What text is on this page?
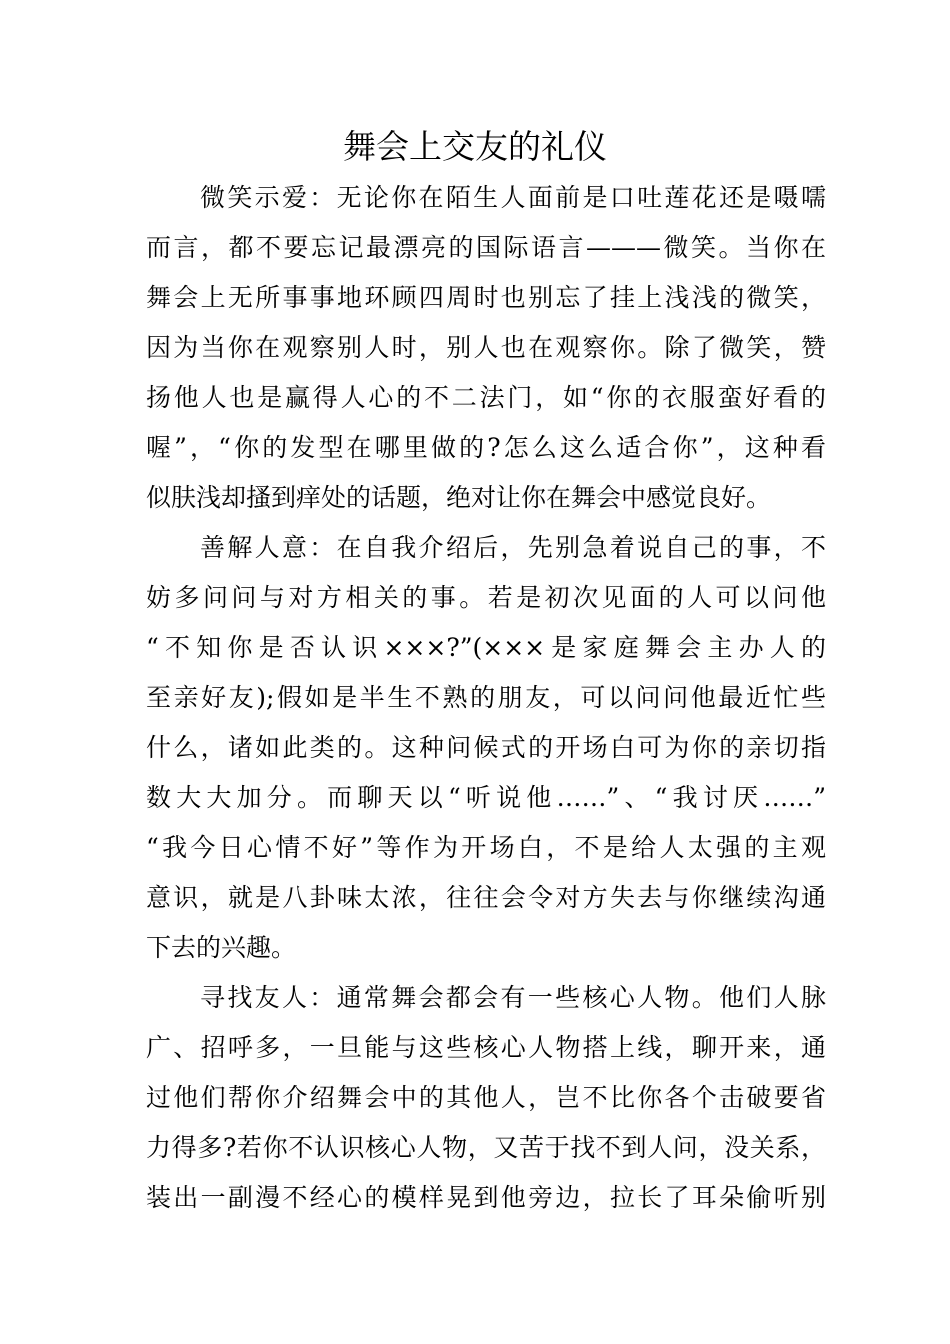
舞会上交友的礼仪
微笑示爱：无论你在陌生人面前是口吐莲花还是嗫嚅
而言，都不要忘记最漂亮的国际语言———微笑。当你在
舞会上无所事事地环顾四周时也别忘了挂上浅浅的微笑，
因为当你在观察别人时，别人也在观察你。除了微笑，赞
扬他人也是赢得人心的不二法门，如“你的衣服蛮好看的
喔”，“你的发型在哪里做的?怎么这么适合你”，这种看
似肤浅却搔到痒处的话题，绝对让你在舞会中感觉良好。
善解人意：在自我介绍后，先别急着说自己的事，不
妨多问问与对方相关的事。若是初次见面的人可以问他
“不知你是否认识×××?”(×××是家庭舞会主办人的
至亲好友);假如是半生不熟的朋友，可以问问他最近忙些
什么，诸如此类的。这种问候式的开场白可为你的亲切指
数大大加分。而聊天以“听说他……”、“我讨厌……”
“我今日心情不好”等作为开场白，不是给人太强的主观
意识，就是八卦味太浓，往往会令对方失去与你继续沟通
下去的兴趣。
寻找友人：通常舞会都会有一些核心人物。他们人脉
广、招呼多，一旦能与这些核心人物搭上线，聊开来，通
过他们帮你介绍舞会中的其他人，岂不比你各个击破要省
力得多?若你不认识核心人物，又苦于找不到人问，没关系，
装出一副漫不经心的模样晃到他旁边，拉长了耳朵偷听别
